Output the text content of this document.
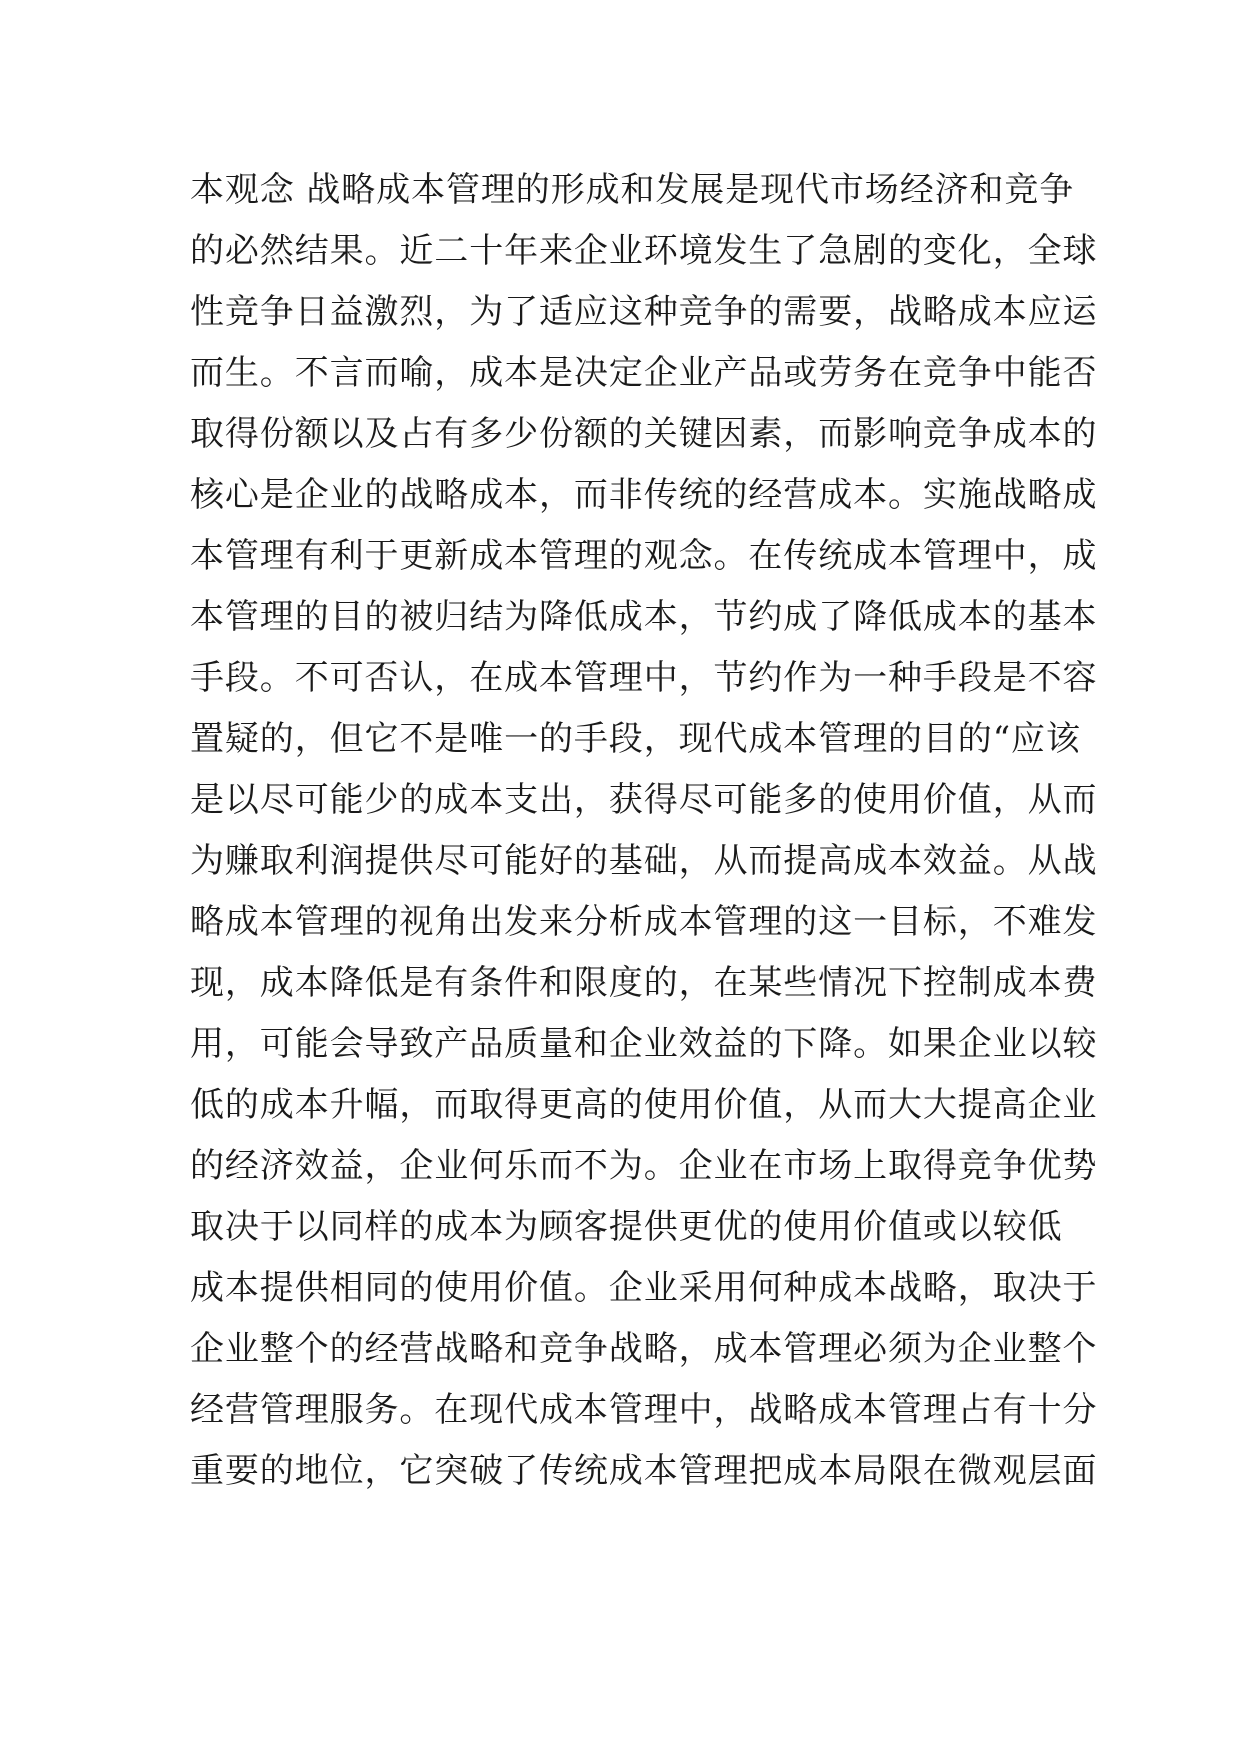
本观念 战略成本管理的形成和发展是现代市场经济和竞争
的必然结果。近二十年来企业环境发生了急剧的变化，全球
性竞争日益激烈，为了适应这种竞争的需要，战略成本应运
而生。不言而喻，成本是决定企业产品或劳务在竞争中能否
取得份额以及占有多少份额的关键因素，而影响竞争成本的
核心是企业的战略成本，而非传统的经营成本。实施战略成
本管理有利于更新成本管理的观念。在传统成本管理中，成
本管理的目的被归结为降低成本，节约成了降低成本的基本
手段。不可否认，在成本管理中，节约作为一种手段是不容
置疑的，但它不是唯一的手段，现代成本管理的目的“应该
是以尽可能少的成本支出，获得尽可能多的使用价值，从而
为赚取利润提供尽可能好的基础，从而提高成本效益。从战
略成本管理的视角出发来分析成本管理的这一目标，不难发
现，成本降低是有条件和限度的，在某些情况下控制成本费
用，可能会导致产品质量和企业效益的下降。如果企业以较
低的成本升幅，而取得更高的使用价值，从而大大提高企业
的经济效益，企业何乐而不为。企业在市场上取得竞争优势
取决于以同样的成本为顾客提供更优的使用价值或以较低
成本提供相同的使用价值。企业采用何种成本战略，取决于
企业整个的经营战略和竞争战略，成本管理必须为企业整个
经营管理服务。在现代成本管理中，战略成本管理占有十分
重要的地位，它突破了传统成本管理把成本局限在微观层面
